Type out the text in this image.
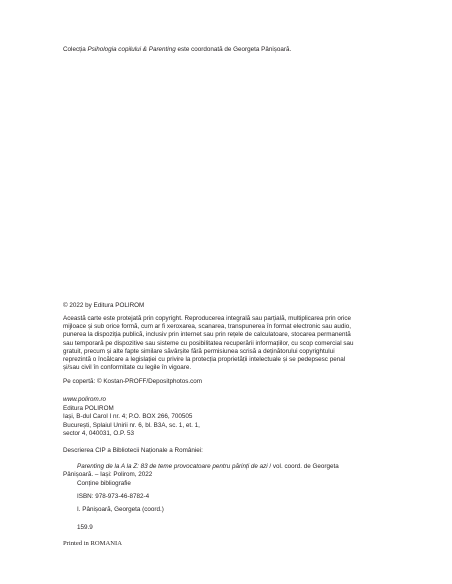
Colecția Psihologia copilului & Parenting este coordonată de Georgeta Pânișoară.
© 2022 by Editura POLIROM
Această carte este protejată prin copyright. Reproducerea integrală sau parțială, multiplicarea prin orice
mijloace și sub orice formă, cum ar fi xeroxarea, scanarea, transpunerea în format electronic sau audio,
punerea la dispoziția publică, inclusiv prin internet sau prin rețele de calculatoare, stocarea permanentă
sau temporară pe dispozitive sau sisteme cu posibilitatea recuperării informațiilor, cu scop comercial sau
gratuit, precum și alte fapte similare săvârșite fără permisiunea scrisă a deținătorului copyrightului
reprezintă o încălcare a legislației cu privire la protecția proprietății intelectuale și se pedepsesc penal
și/sau civil în conformitate cu legile în vigoare.
Pe copertă: © Kostan-PROFF/Depositphotos.com
www.polirom.ro
Editura POLIROM
Iași, B-dul Carol I nr. 4; P.O. BOX 266, 700505
București, Splaiul Unirii nr. 6, bl. B3A, sc. 1, et. 1,
sector 4, 040031, O.P. 53
Descrierea CIP a Bibliotecii Naționale a României:
Parenting de la A la Z: 83 de teme provocatoare pentru părinți de azi / vol. coord. de Georgeta
Pânișoară. – Iași: Polirom, 2022
Conține bibliografie
ISBN: 978-973-46-8782-4
I. Pânișoară, Georgeta (coord.)
159.9
Printed in ROMANIA
